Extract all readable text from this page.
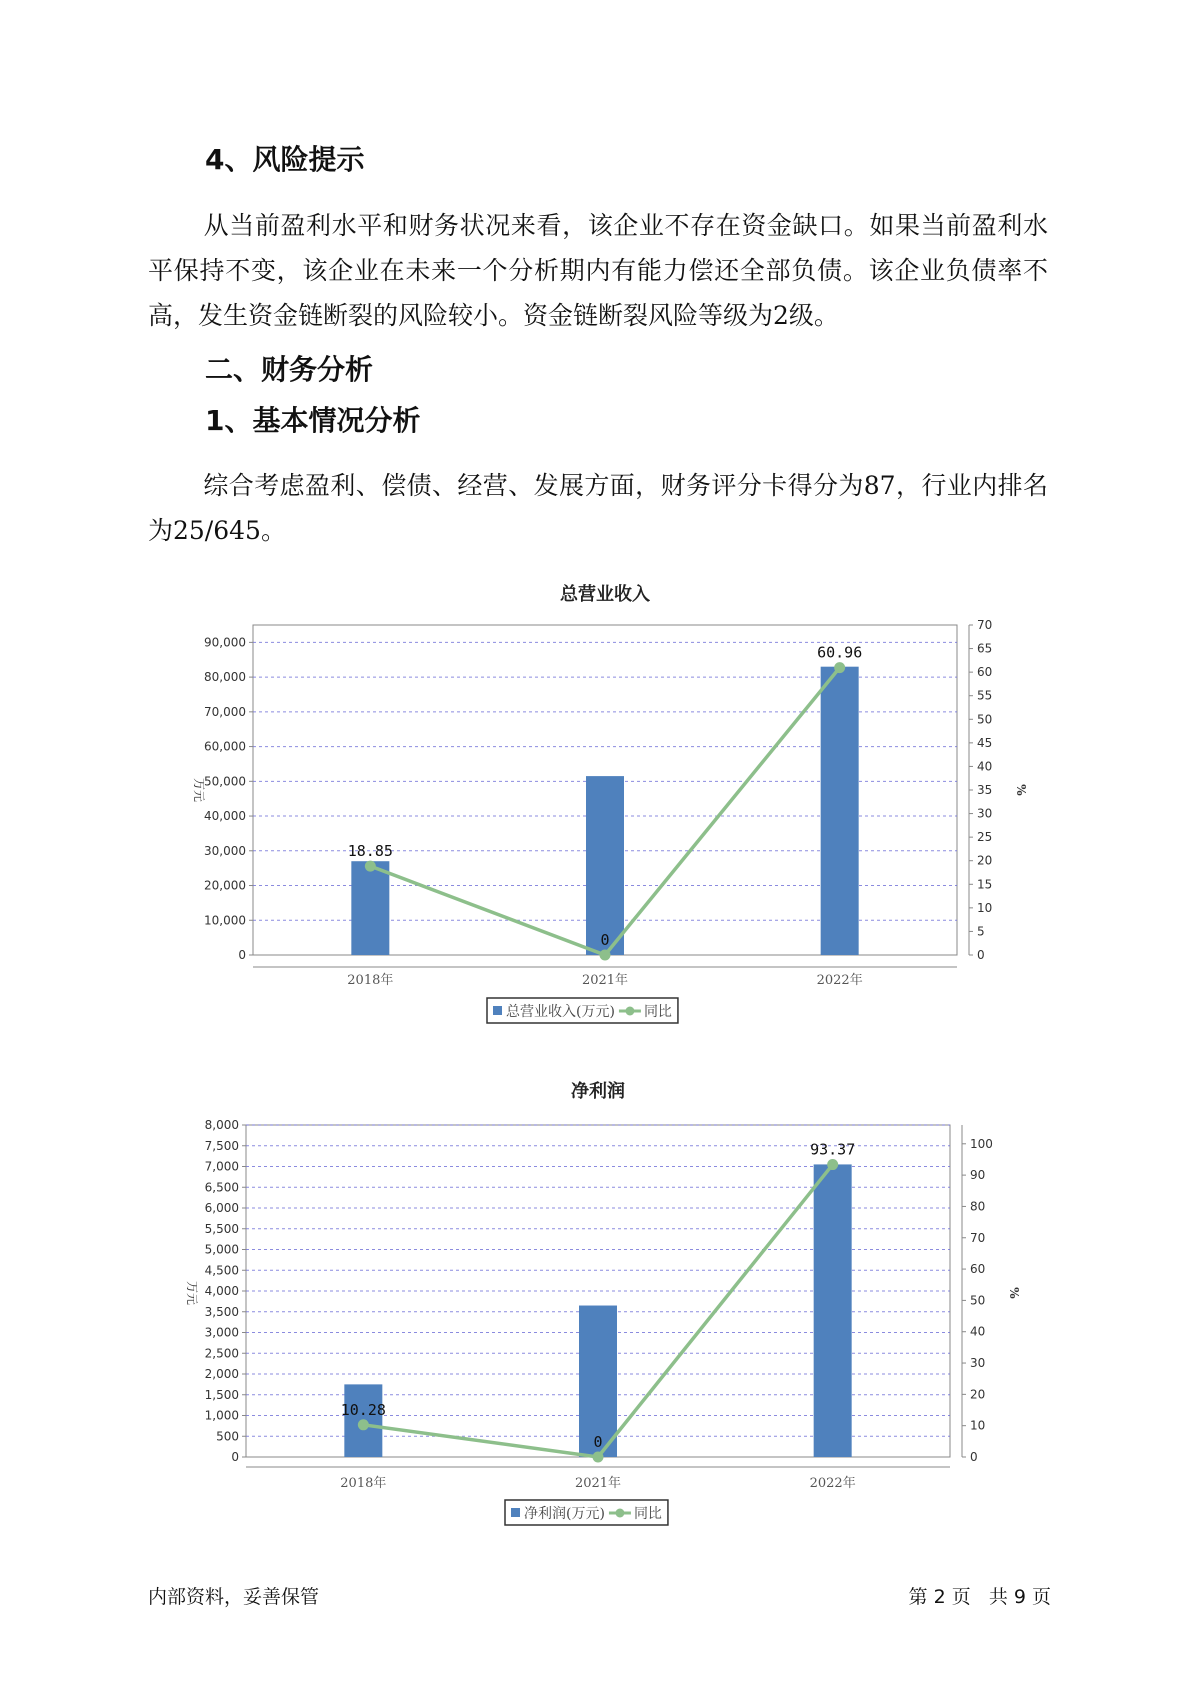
4、风险提示

从当前盈利水平和财务状况来看，该企业不存在资金缺口。如果当前盈利水平保持不变，该企业在未来一个分析期内有能力偿还全部负债。该企业负债率不高，发生资金链断裂的风险较小。资金链断裂风险等级为2级。

二、财务分析
1、基本情况分析

综合考虑盈利、偿债、经营、发展方面，财务评分卡得分为87，行业内排名为25/645。

总营业收入
0
10,000
20,000
30,000
40,000
50,000
60,000
70,000
80,000
90,000
0
5
10
15
20
25
30
35
40
45
50
55
60
65
70
万元	%
2018年	2021年	2022年
18.85
0
60.96
总营业收入(万元) 同比
净利润
0
500
1,000
1,500
2,000
2,500
3,000
3,500
4,000
4,500
5,000
5,500
6,000
6,500
7,000
7,500
8,000
0
10
20
30
40
50
60
70
80
90
100
万元	%
2018年	2021年	2022年
10.28
0
93.37
净利润(万元) 同比
内部资料，妥善保管	第 2 页   共 9 页
